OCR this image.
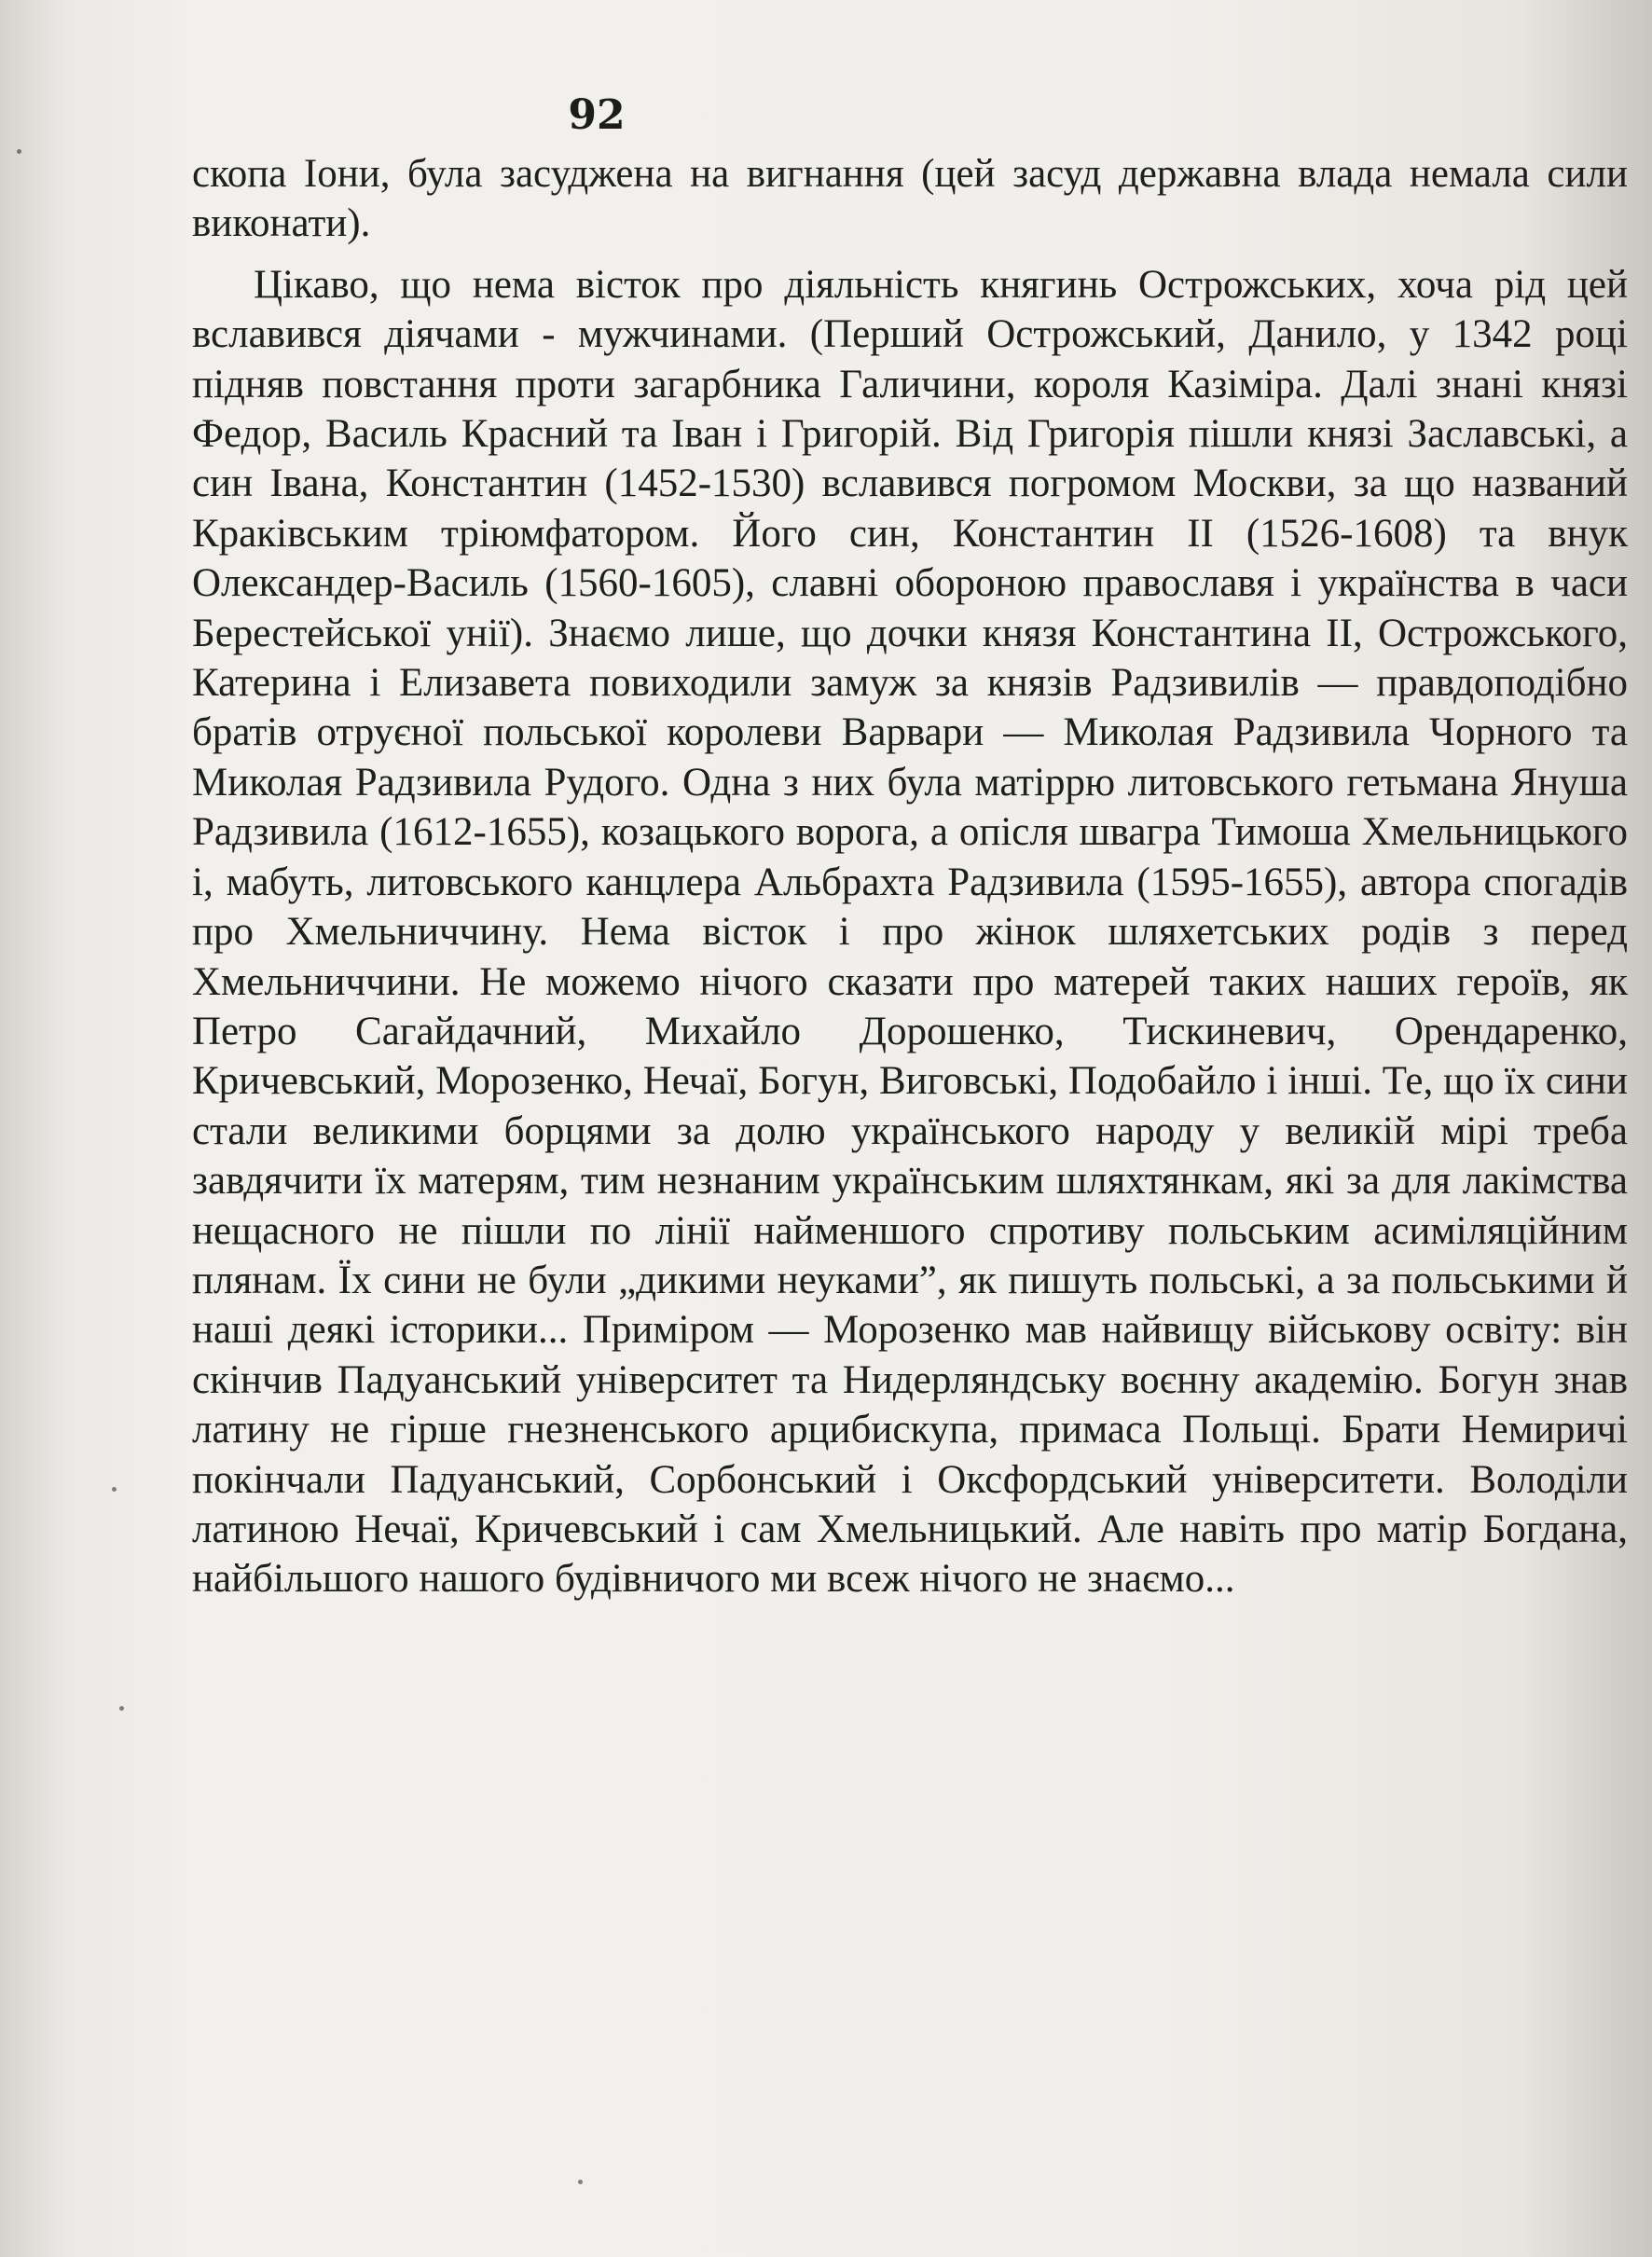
92

скопа Іони, була засуджена на вигнання (цей засуд державна влада немала сили виконати).

Цікаво, що нема вісток про діяльність княгинь Острожських, хоча рід цей вславився діячами - мужчинами. (Перший Острожський, Данило, у 1342 році підняв повстання проти загарбника Галичини, короля Казіміра. Далі знані князі Федор, Василь Красний та Іван і Григорій. Від Григорія пішли князі Заславські, а син Івана, Константин (1452-1530) вславився погромом Москви, за що названий Краківським тріюмфатором. Його син, Константин II (1526-1608) та внук Олександер-Василь (1560-1605), славні обороною православя і українства в часи Берестейської унії). Знаємо лише, що дочки князя Константина II, Острожського, Катерина і Елизавета повиходили замуж за князів Радзивилів — правдоподібно братів отруєної польської королеви Варвари — Миколая Радзивила Чорного та Миколая Радзивила Рудого. Одна з них була матіррю литовського гетьмана Януша Радзивила (1612-1655), козацького ворога, а опісля швагра Тимоша Хмельницького і, мабуть, литовського канцлера Альбрахта Радзивила (1595-1655), автора спогадів про Хмельниччину. Нема вісток і про жінок шляхетських родів з перед Хмельниччини. Не можемо нічого сказати про матерей таких наших героїв, як Петро Сагайдачний, Михайло Дорошенко, Тискиневич, Орендаренко, Кричевський, Морозенко, Нечаї, Богун, Виговські, Подобайло і інші. Те, що їх сини стали великими борцями за долю українського народу у великій мірі треба завдячити їх матерям, тим незнаним українським шляхтянкам, які за для лакімства нещасного не пішли по лінії найменшого спротиву польським асиміляційним плянам. Їх сини не були „дикими неуками”, як пишуть польські, а за польськими й наші деякі історики... Приміром — Морозенко мав найвищу військову освіту: він скінчив Падуанський університет та Нидерляндську воєнну академію. Богун знав латину не гірше гнезненського арцибискупа, примаса Польщі. Брати Немиричі покінчали Падуанський, Сорбонський і Оксфордський університети. Володіли латиною Нечаї, Кричевський і сам Хмельницький. Але навіть про матір Богдана, найбільшого нашого будівничого ми всеж нічого не знаємо...
